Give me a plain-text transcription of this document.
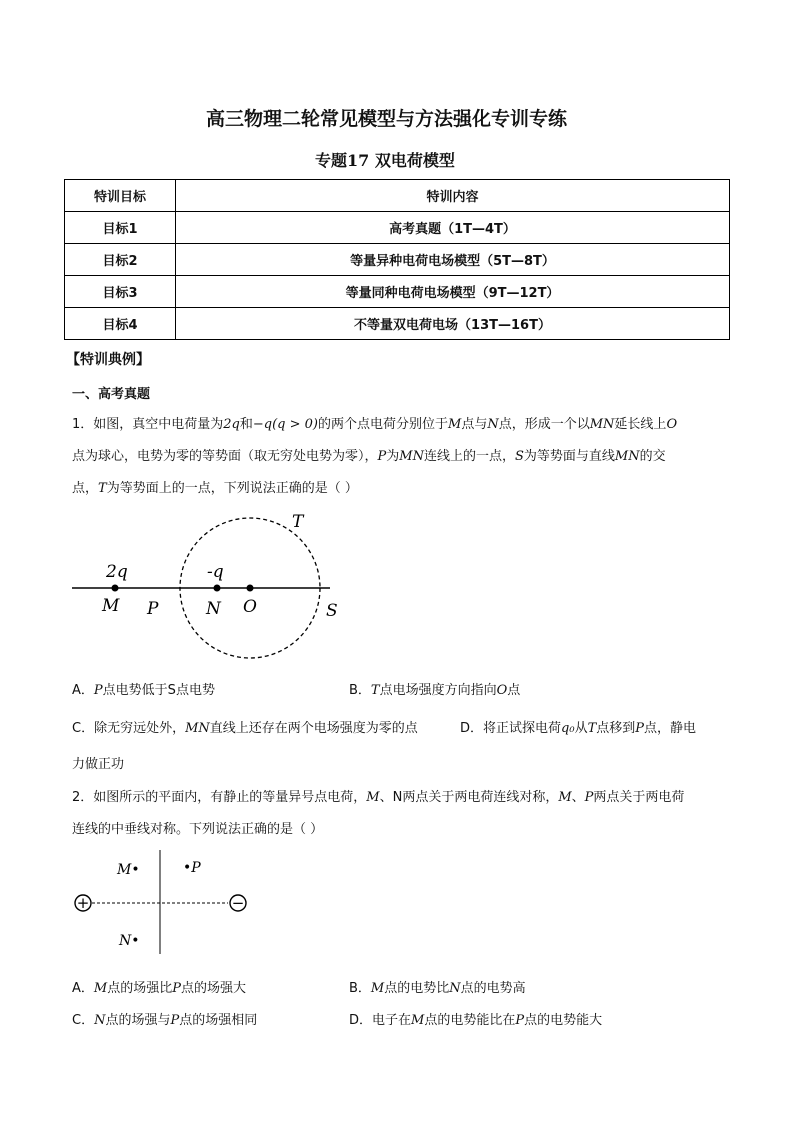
高三物理二轮常见模型与方法强化专训专练
专题17 双电荷模型
特训目标	特训内容
目标1	高考真题（1T—4T）
目标2	等量异种电荷电场模型（5T—8T）
目标3	等量同种电荷电场模型（9T—12T）
目标4	不等量双电荷电场（13T—16T）
【特训典例】
一、高考真题
1．如图，真空中电荷量为2q和−q(q > 0)的两个点电荷分别位于M点与N点，形成一个以MN延长线上O
点为球心，电势为零的等势面（取无穷处电势为零），P为MN连线上的一点，S为等势面与直线MN的交
点，T为等势面上的一点，下列说法正确的是（ ）
T
2q	-q
M P	N O	S
A．P点电势低于S点电势	B．T点电场强度方向指向O点
C．除无穷远处外，MN直线上还存在两个电场强度为零的点	D．将正试探电荷q₀从T点移到P点，静电
力做正功
2．如图所示的平面内，有静止的等量异号点电荷，M、N两点关于两电荷连线对称，M、P两点关于两电荷
连线的中垂线对称。下列说法正确的是（ ）
+	−
M•	•P
N•
A．M点的场强比P点的场强大	B．M点的电势比N点的电势高
C．N点的场强与P点的场强相同	D．电子在M点的电势能比在P点的电势能大
